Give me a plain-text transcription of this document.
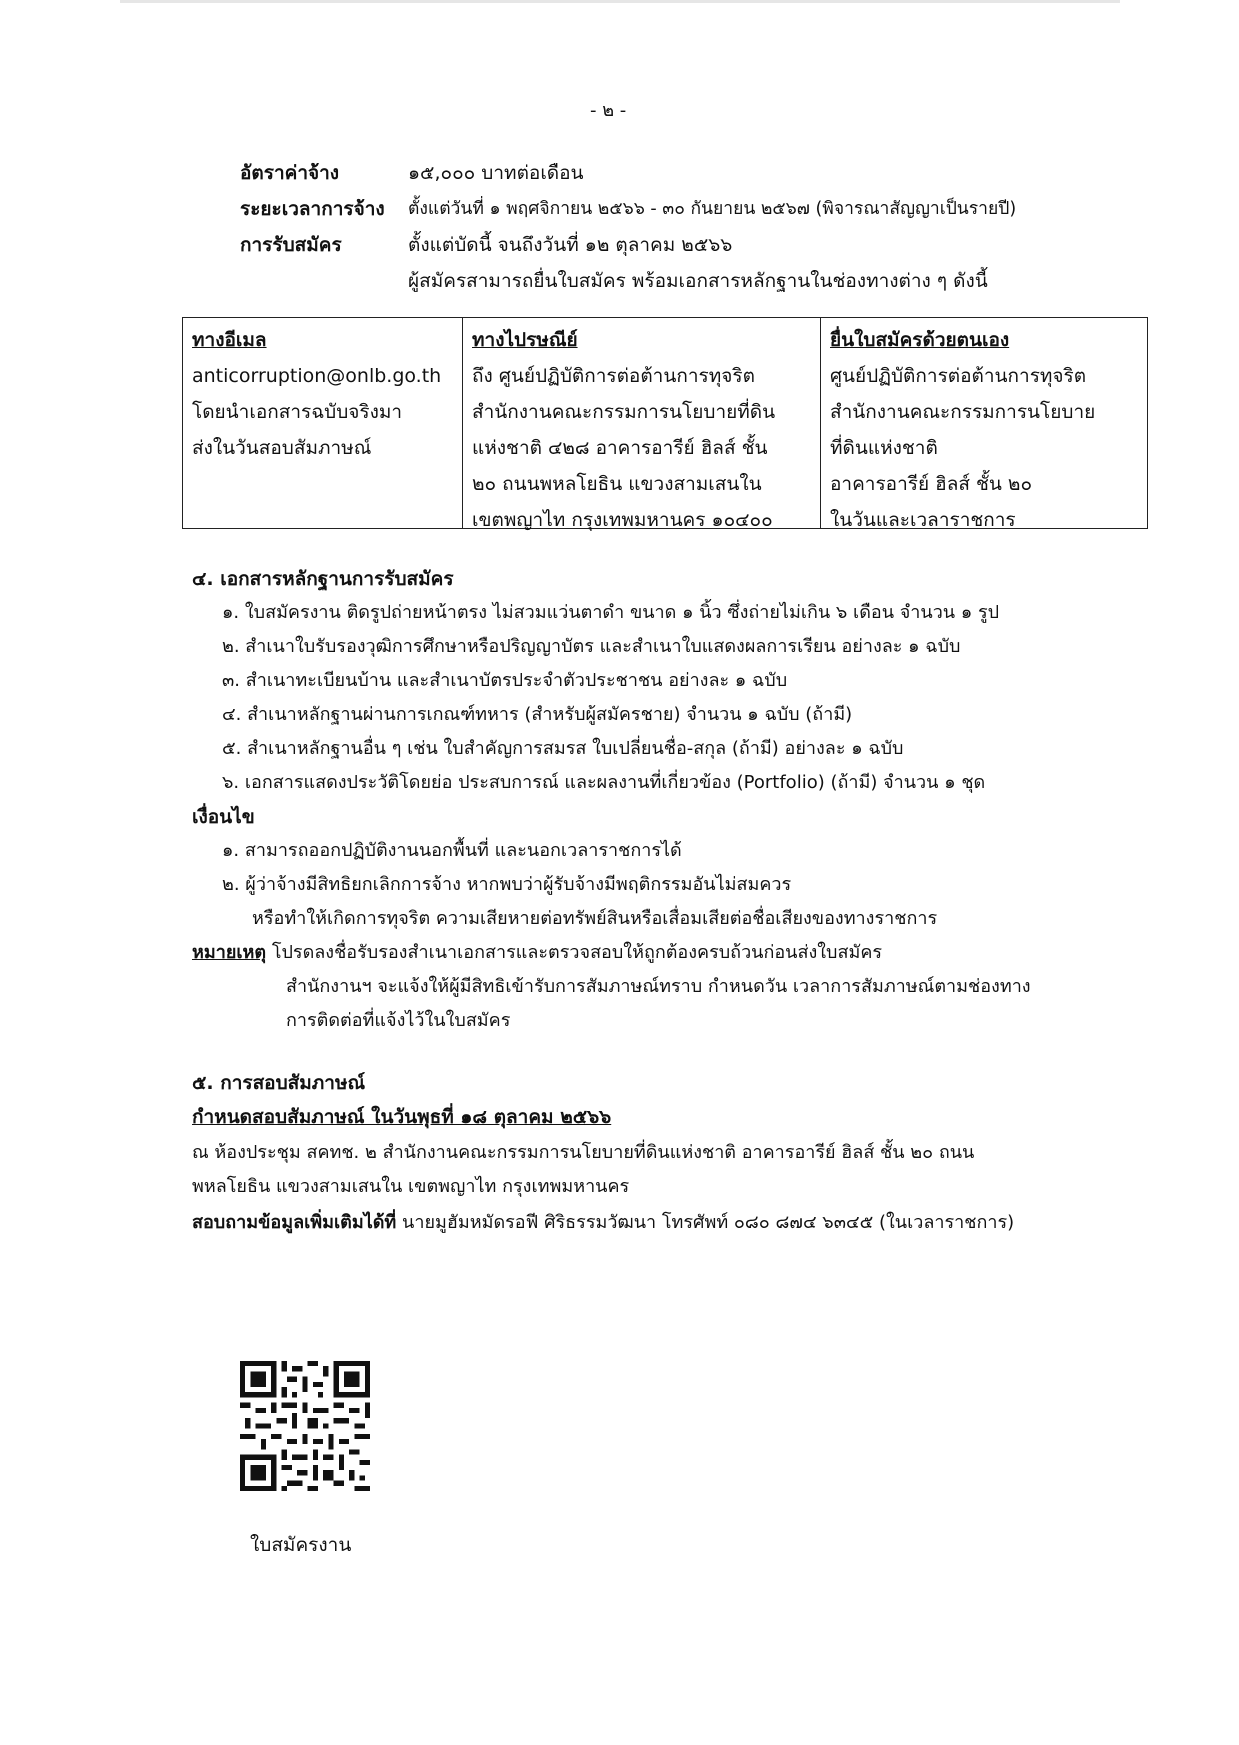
- ๒ -
อัตราค่าจ้าง	๑๕,๐๐๐ บาทต่อเดือน
ระยะเวลาการจ้าง ตั้งแต่วันที่ ๑ พฤศจิกายน ๒๕๖๖ - ๓๐ กันยายน ๒๕๖๗ (พิจารณาสัญญาเป็นรายปี)
การรับสมัคร	ตั้งแต่บัดนี้ จนถึงวันที่ ๑๒ ตุลาคม ๒๕๖๖
ผู้สมัครสามารถยื่นใบสมัคร พร้อมเอกสารหลักฐานในช่องทางต่าง ๆ ดังนี้
ทางอีเมล
anticorruption@onlb.go.th
โดยนำเอกสารฉบับจริงมา
ส่งในวันสอบสัมภาษณ์
ทางไปรษณีย์
ถึง ศูนย์ปฏิบัติการต่อต้านการทุจริต
สำนักงานคณะกรรมการนโยบายที่ดิน
แห่งชาติ ๔๒๘ อาคารอารีย์ ฮิลส์ ชั้น
๒๐ ถนนพหลโยธิน แขวงสามเสนใน
เขตพญาไท กรุงเทพมหานคร ๑๐๔๐๐
ยื่นใบสมัครด้วยตนเอง
ศูนย์ปฏิบัติการต่อต้านการทุจริต
สำนักงานคณะกรรมการนโยบาย
ที่ดินแห่งชาติ
อาคารอารีย์ ฮิลส์ ชั้น ๒๐
ในวันและเวลาราชการ
๔. เอกสารหลักฐานการรับสมัคร
๑. ใบสมัครงาน ติดรูปถ่ายหน้าตรง ไม่สวมแว่นตาดำ ขนาด ๑ นิ้ว ซึ่งถ่ายไม่เกิน ๖ เดือน จำนวน ๑ รูป
๒. สำเนาใบรับรองวุฒิการศึกษาหรือปริญญาบัตร และสำเนาใบแสดงผลการเรียน อย่างละ ๑ ฉบับ
๓. สำเนาทะเบียนบ้าน และสำเนาบัตรประจำตัวประชาชน อย่างละ ๑ ฉบับ
๔. สำเนาหลักฐานผ่านการเกณฑ์ทหาร (สำหรับผู้สมัครชาย) จำนวน ๑ ฉบับ (ถ้ามี)
๕. สำเนาหลักฐานอื่น ๆ เช่น ใบสำคัญการสมรส ใบเปลี่ยนชื่อ-สกุล (ถ้ามี) อย่างละ ๑ ฉบับ
๖. เอกสารแสดงประวัติโดยย่อ ประสบการณ์ และผลงานที่เกี่ยวข้อง (Portfolio) (ถ้ามี) จำนวน ๑ ชุด
เงื่อนไข
๑. สามารถออกปฏิบัติงานนอกพื้นที่ และนอกเวลาราชการได้
๒. ผู้ว่าจ้างมีสิทธิยกเลิกการจ้าง หากพบว่าผู้รับจ้างมีพฤติกรรมอันไม่สมควร
หรือทำให้เกิดการทุจริต ความเสียหายต่อทรัพย์สินหรือเสื่อมเสียต่อชื่อเสียงของทางราชการ
หมายเหตุ โปรดลงชื่อรับรองสำเนาเอกสารและตรวจสอบให้ถูกต้องครบถ้วนก่อนส่งใบสมัคร
สำนักงานฯ จะแจ้งให้ผู้มีสิทธิเข้ารับการสัมภาษณ์ทราบ กำหนดวัน เวลาการสัมภาษณ์ตามช่องทาง
การติดต่อที่แจ้งไว้ในใบสมัคร
๕. การสอบสัมภาษณ์
กำหนดสอบสัมภาษณ์ ในวันพุธที่ ๑๘ ตุลาคม ๒๕๖๖
ณ ห้องประชุม สคทช. ๒ สำนักงานคณะกรรมการนโยบายที่ดินแห่งชาติ อาคารอารีย์ ฮิลส์ ชั้น ๒๐ ถนน
พหลโยธิน แขวงสามเสนใน เขตพญาไท กรุงเทพมหานคร
สอบถามข้อมูลเพิ่มเติมได้ที่ นายมูฮัมหมัดรอฟี ศิริธรรมวัฒนา โทรศัพท์ ๐๘๐ ๘๗๔ ๖๓๔๕ (ในเวลาราชการ)
ใบสมัครงาน
